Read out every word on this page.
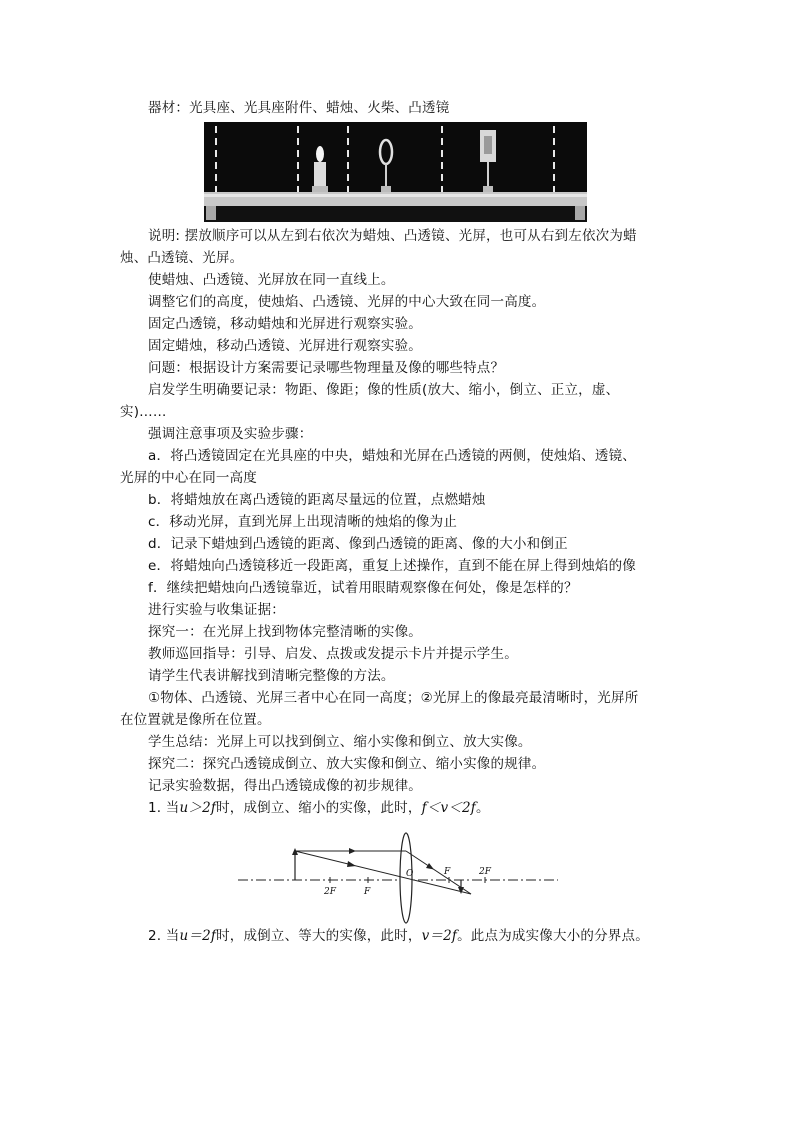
器材：光具座、光具座附件、蜡烛、火柴、凸透镜
说明: 摆放顺序可以从左到右依次为蜡烛、凸透镜、光屏，也可从右到左依次为蜡
烛、凸透镜、光屏。
使蜡烛、凸透镜、光屏放在同一直线上。
调整它们的高度，使烛焰、凸透镜、光屏的中心大致在同一高度。
固定凸透镜，移动蜡烛和光屏进行观察实验。
固定蜡烛，移动凸透镜、光屏进行观察实验。
问题：根据设计方案需要记录哪些物理量及像的哪些特点？
启发学生明确要记录：物距、像距；像的性质(放大、缩小，倒立、正立，虚、
实)……
强调注意事项及实验步骤：
a．将凸透镜固定在光具座的中央，蜡烛和光屏在凸透镜的两侧，使烛焰、透镜、
光屏的中心在同一高度
b．将蜡烛放在离凸透镜的距离尽量远的位置，点燃蜡烛
c．移动光屏，直到光屏上出现清晰的烛焰的像为止
d．记录下蜡烛到凸透镜的距离、像到凸透镜的距离、像的大小和倒正
e．将蜡烛向凸透镜移近一段距离，重复上述操作，直到不能在屏上得到烛焰的像
f．继续把蜡烛向凸透镜靠近，试着用眼睛观察像在何处，像是怎样的？
进行实验与收集证据：
探究一：在光屏上找到物体完整清晰的实像。
教师巡回指导：引导、启发、点拨或发提示卡片并提示学生。
请学生代表讲解找到清晰完整像的方法。
①物体、凸透镜、光屏三者中心在同一高度；②光屏上的像最亮最清晰时，光屏所
在位置就是像所在位置。
学生总结：光屏上可以找到倒立、缩小实像和倒立、放大实像。
探究二：探究凸透镜成倒立、放大实像和倒立、缩小实像的规律。
记录实验数据，得出凸透镜成像的初步规律。
1. 当u＞2f时，成倒立、缩小的实像，此时，f＜v＜2f。
2F	F
O	F	2F
2. 当u＝2f时，成倒立、等大的实像，此时，v＝2f。此点为成实像大小的分界点。
